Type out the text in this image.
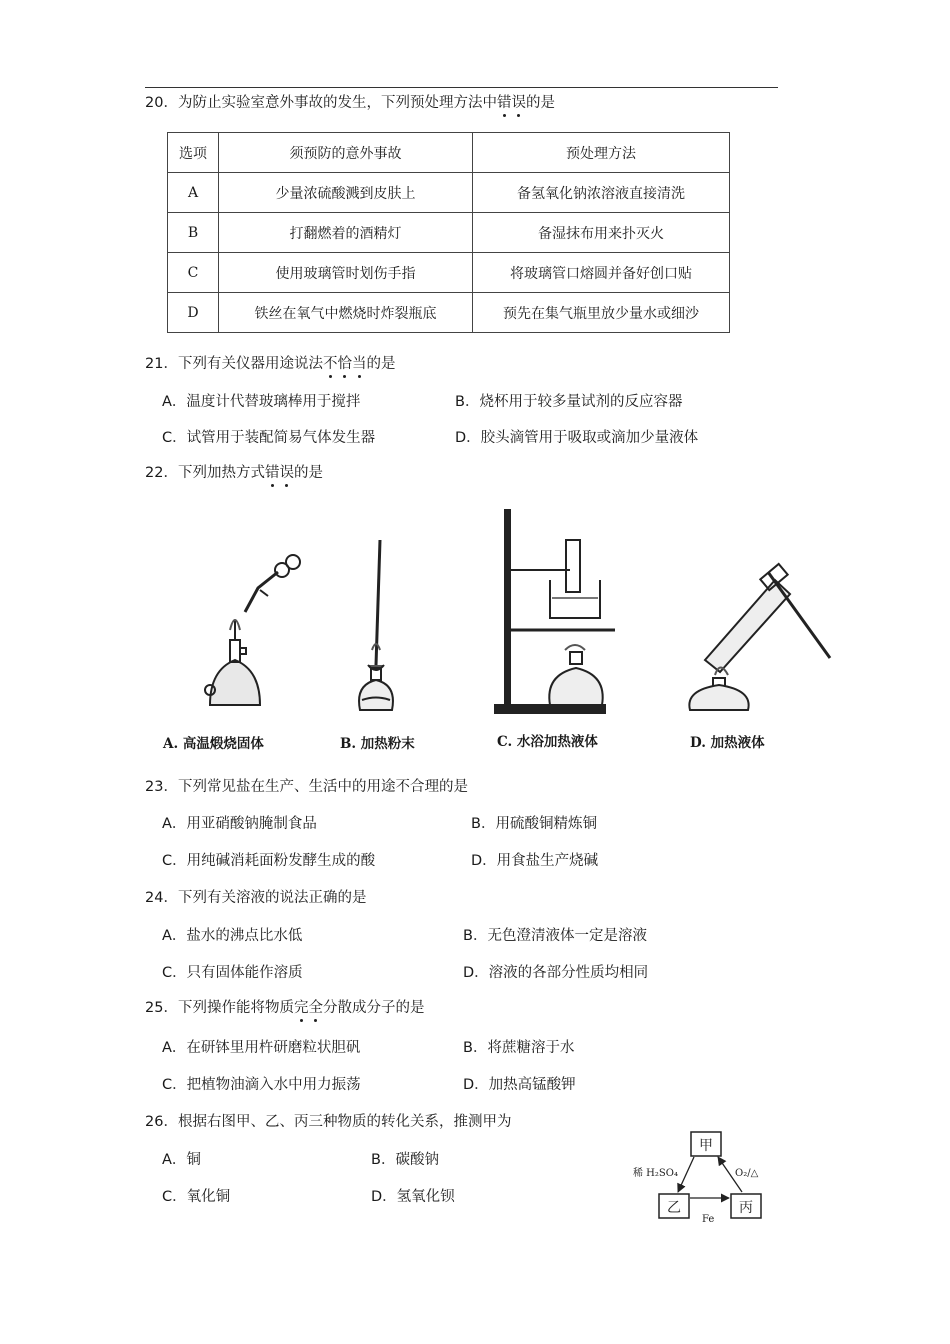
20．为防止实验室意外事故的发生，下列预处理方法中错误的是
选项	须预防的意外事故	预处理方法
A	少量浓硫酸溅到皮肤上	备氢氧化钠浓溶液直接清洗
B	打翻燃着的酒精灯	备湿抹布用来扑灭火
C	使用玻璃管时划伤手指	将玻璃管口熔圆并备好创口贴
D	铁丝在氧气中燃烧时炸裂瓶底	预先在集气瓶里放少量水或细沙
21．下列有关仪器用途说法不恰当的是
A．温度计代替玻璃棒用于搅拌	B．烧杯用于较多量试剂的反应容器
C．试管用于装配简易气体发生器	D．胶头滴管用于吸取或滴加少量液体
22．下列加热方式错误的是
A. 高温煅烧固体	B. 加热粉末	C. 水浴加热液体	D. 加热液体
23．下列常见盐在生产、生活中的用途不合理的是
A．用亚硝酸钠腌制食品	B．用硫酸铜精炼铜
C．用纯碱消耗面粉发酵生成的酸	D．用食盐生产烧碱
24．下列有关溶液的说法正确的是
A．盐水的沸点比水低	B．无色澄清液体一定是溶液
C．只有固体能作溶质	D．溶液的各部分性质均相同
25．下列操作能将物质完全分散成分子的是
A．在研钵里用杵研磨粒状胆矾	B．将蔗糖溶于水
C．把植物油滴入水中用力振荡	D．加热高锰酸钾
26．根据右图甲、乙、丙三种物质的转化关系，推测甲为
A．铜	B．碳酸钠
C．氧化铜	D．氢氧化钡
甲
乙	丙
稀 H₂SO₄	O₂/△
Fe
